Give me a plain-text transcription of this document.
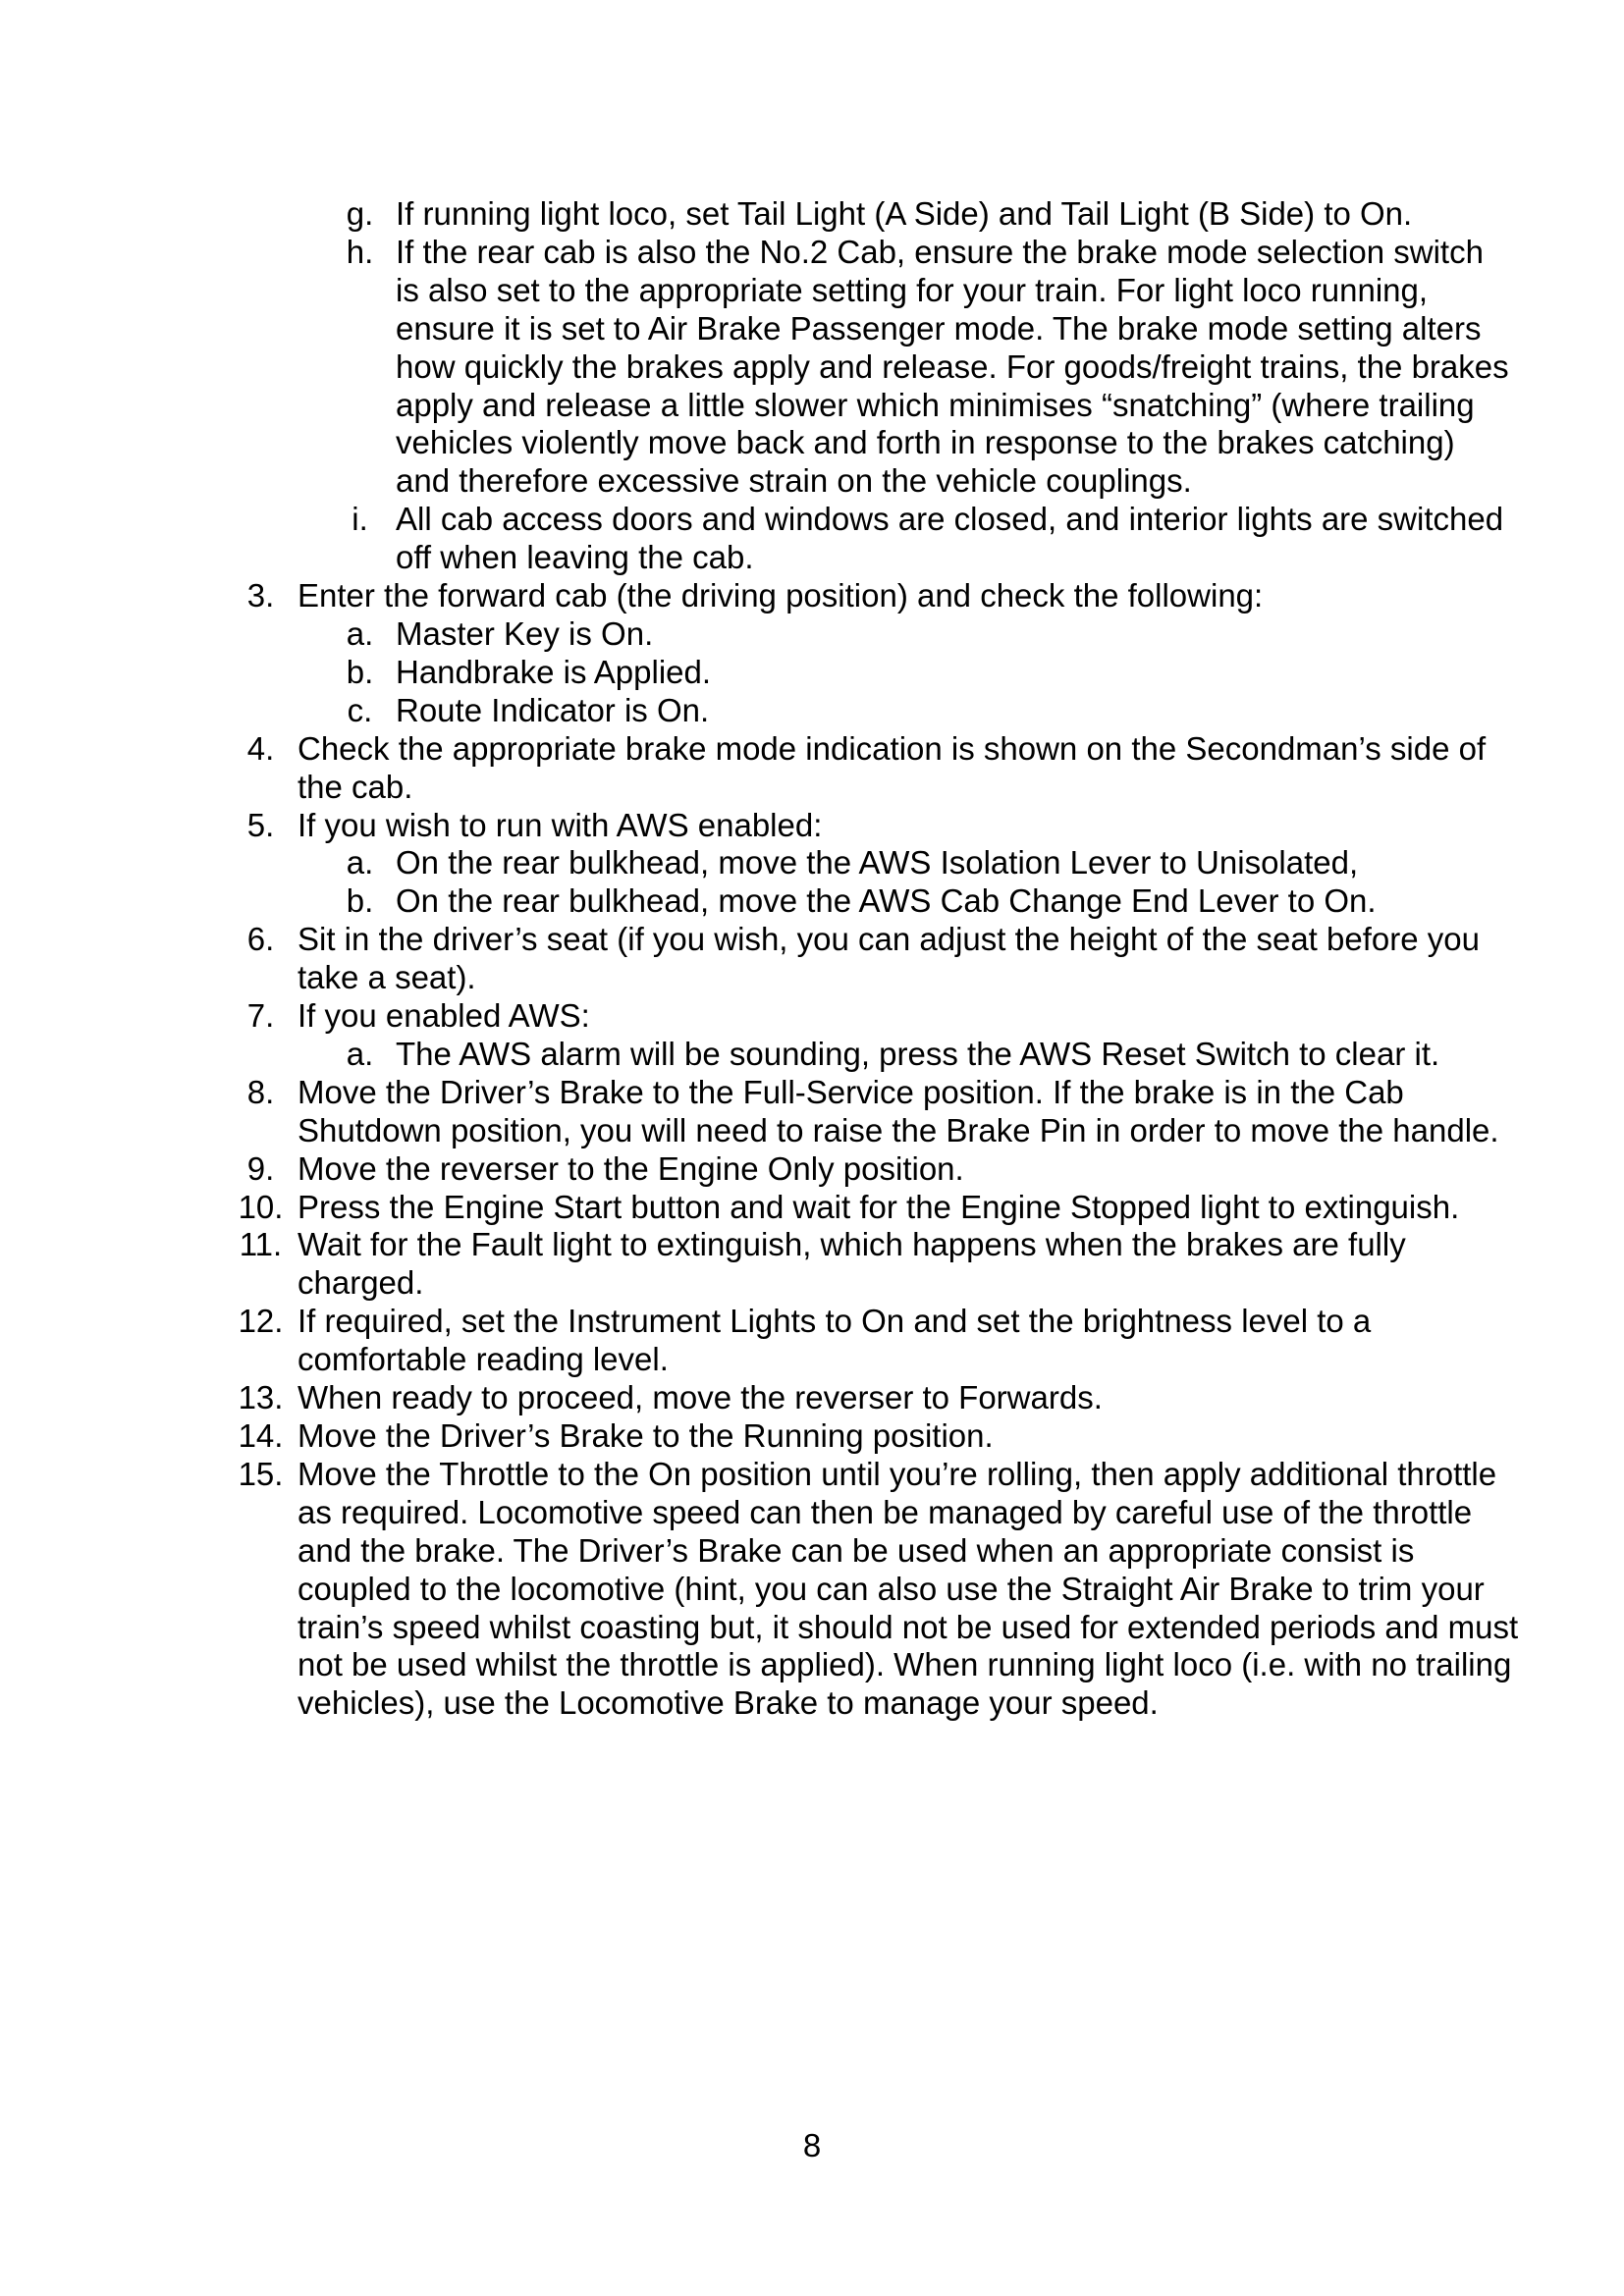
g. If running light loco, set Tail Light (A Side) and Tail Light (B Side) to On.
h. If the rear cab is also the No.2 Cab, ensure the brake mode selection switch
is also set to the appropriate setting for your train. For light loco running,
ensure it is set to Air Brake Passenger mode. The brake mode setting alters
how quickly the brakes apply and release. For goods/freight trains, the brakes
apply and release a little slower which minimises “snatching” (where trailing
vehicles violently move back and forth in response to the brakes catching)
and therefore excessive strain on the vehicle couplings.
i. All cab access doors and windows are closed, and interior lights are switched
off when leaving the cab.
3. Enter the forward cab (the driving position) and check the following:
a. Master Key is On.
b. Handbrake is Applied.
c. Route Indicator is On.
4. Check the appropriate brake mode indication is shown on the Secondman’s side of
the cab.
5. If you wish to run with AWS enabled:
a. On the rear bulkhead, move the AWS Isolation Lever to Unisolated,
b. On the rear bulkhead, move the AWS Cab Change End Lever to On.
6. Sit in the driver’s seat (if you wish, you can adjust the height of the seat before you
take a seat).
7. If you enabled AWS:
a. The AWS alarm will be sounding, press the AWS Reset Switch to clear it.
8. Move the Driver’s Brake to the Full-Service position. If the brake is in the Cab
Shutdown position, you will need to raise the Brake Pin in order to move the handle.
9. Move the reverser to the Engine Only position.
10. Press the Engine Start button and wait for the Engine Stopped light to extinguish.
11. Wait for the Fault light to extinguish, which happens when the brakes are fully
charged.
12. If required, set the Instrument Lights to On and set the brightness level to a
comfortable reading level.
13. When ready to proceed, move the reverser to Forwards.
14. Move the Driver’s Brake to the Running position.
15. Move the Throttle to the On position until you’re rolling, then apply additional throttle
as required. Locomotive speed can then be managed by careful use of the throttle
and the brake. The Driver’s Brake can be used when an appropriate consist is
coupled to the locomotive (hint, you can also use the Straight Air Brake to trim your
train’s speed whilst coasting but, it should not be used for extended periods and must
not be used whilst the throttle is applied). When running light loco (i.e. with no trailing
vehicles), use the Locomotive Brake to manage your speed.
8
